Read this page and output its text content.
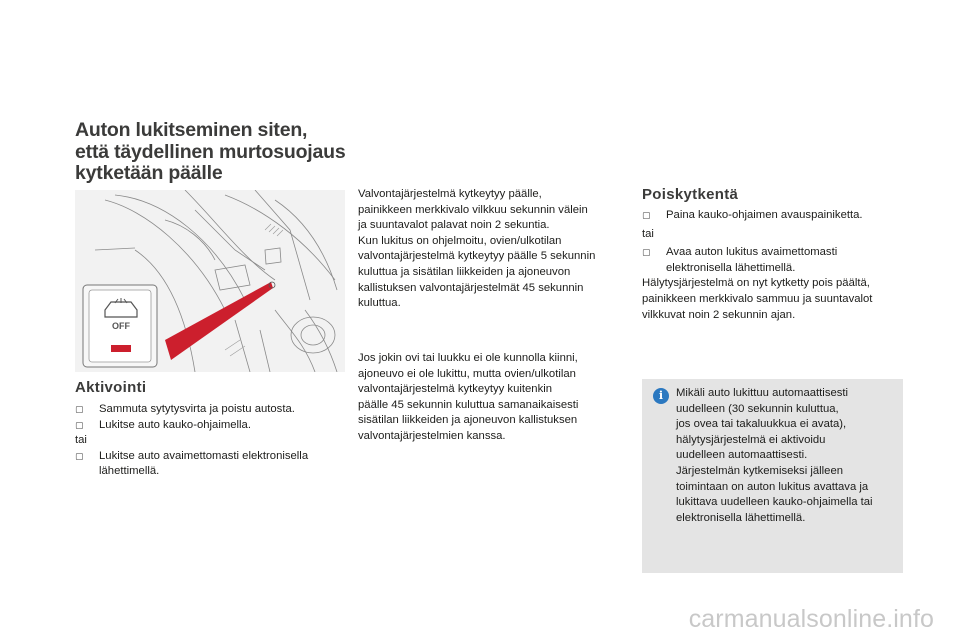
Auton lukitseminen siten,
että täydellinen murtosuojaus
kytketään päälle
OFF
Aktivointi
▢	Sammuta sytytysvirta ja poistu autosta.
▢	Lukitse auto kauko-ohjaimella.
tai
▢	Lukitse auto avaimettomasti elektronisella
lähettimellä.
Valvontajärjestelmä kytkeytyy päälle,
painikkeen merkkivalo vilkkuu sekunnin välein
ja suuntavalot palavat noin 2 sekuntia.
Kun lukitus on ohjelmoitu, ovien/ulkotilan
valvontajärjestelmä kytkeytyy päälle 5 sekunnin
kuluttua ja sisätilan liikkeiden ja ajoneuvon
kallistuksen valvontajärjestelmät 45 sekunnin
kuluttua.
Jos jokin ovi tai luukku ei ole kunnolla kiinni,
ajoneuvo ei ole lukittu, mutta ovien/ulkotilan
valvontajärjestelmä kytkeytyy kuitenkin
päälle 45 sekunnin kuluttua samanaikaisesti
sisätilan liikkeiden ja ajoneuvon kallistuksen
valvontajärjestelmien kanssa.
Poiskytkentä
▢	Paina kauko-ohjaimen avauspainiketta.
tai
▢	Avaa auton lukitus avaimettomasti
elektronisella lähettimellä.
Hälytysjärjestelmä on nyt kytketty pois päältä,
painikkeen merkkivalo sammuu ja suuntavalot
vilkkuvat noin 2 sekunnin ajan.
i	Mikäli auto lukittuu automaattisesti
uudelleen (30 sekunnin kuluttua,
jos ovea tai takaluukkua ei avata),
hälytysjärjestelmä ei aktivoidu
uudelleen automaattisesti.
Järjestelmän kytkemiseksi jälleen
toimintaan on auton lukitus avattava ja
lukittava uudelleen kauko-ohjaimella tai
elektronisella lähettimellä.
carmanualsonline.info
